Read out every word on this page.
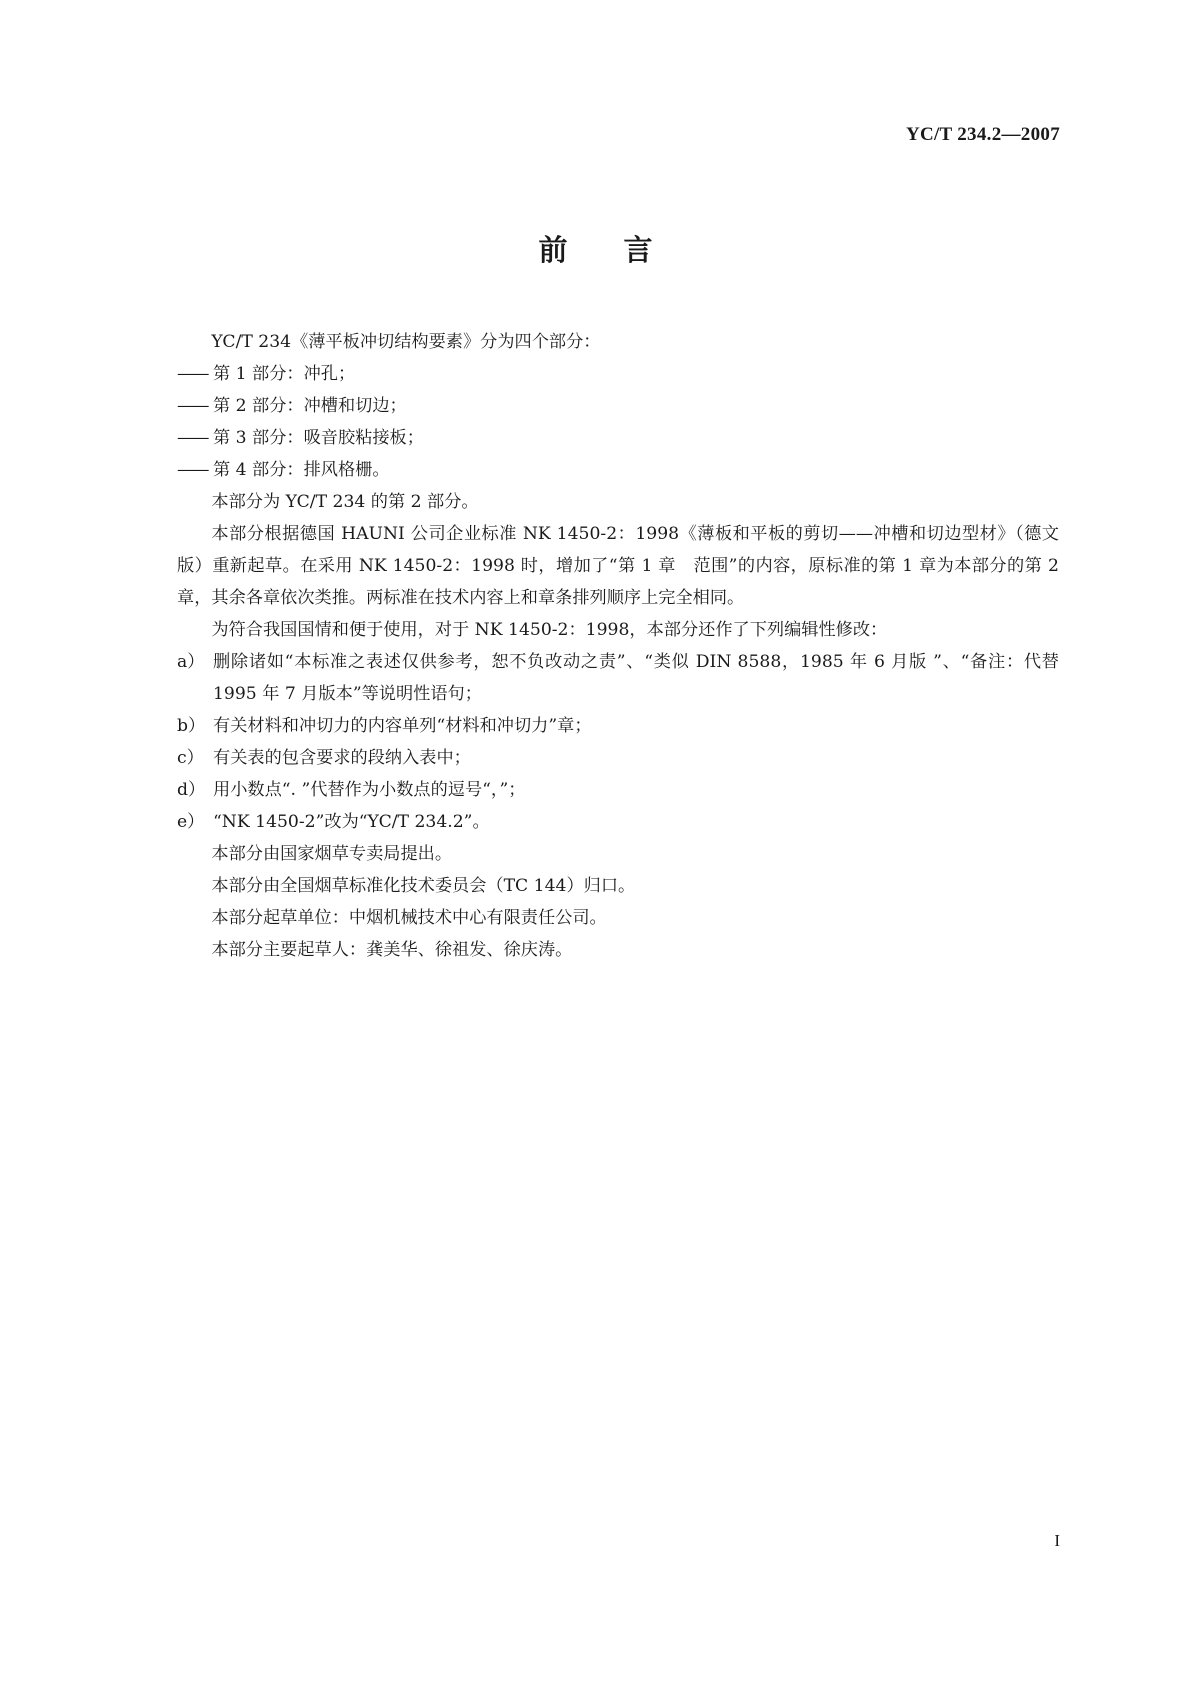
YC/T 234.2—2007
前言

YC/T 234《薄平板冲切结构要素》分为四个部分：

—— 第 1 部分：冲孔；

—— 第 2 部分：冲槽和切边；

—— 第 3 部分：吸音胶粘接板；

—— 第 4 部分：排风格栅。

本部分为 YC/T 234 的第 2 部分。

本部分根据德国 HAUNI 公司企业标准 NK 1450-2：1998《薄板和平板的剪切——冲槽和切边型材》（德文版）重新起草。在采用 NK 1450-2：1998 时，增加了“第 1 章　范围”的内容，原标准的第 1 章为本部分的第 2 章，其余各章依次类推。两标准在技术内容上和章条排列顺序上完全相同。

为符合我国国情和便于使用，对于 NK 1450-2：1998，本部分还作了下列编辑性修改：

a） 删除诸如“本标准之表述仅供参考，恕不负改动之责”、“类似 DIN 8588，1985 年 6 月版 ”、“备注：代替 1995 年 7 月版本”等说明性语句；
b） 有关材料和冲切力的内容单列“材料和冲切力”章；
c） 有关表的包含要求的段纳入表中；
d） 用小数点“. ”代替作为小数点的逗号“，”；
e） “NK 1450-2”改为“YC/T 234.2”。

本部分由国家烟草专卖局提出。

本部分由全国烟草标准化技术委员会（TC 144）归口。

本部分起草单位：中烟机械技术中心有限责任公司。

本部分主要起草人：龚美华、徐祖发、徐庆涛。

I
